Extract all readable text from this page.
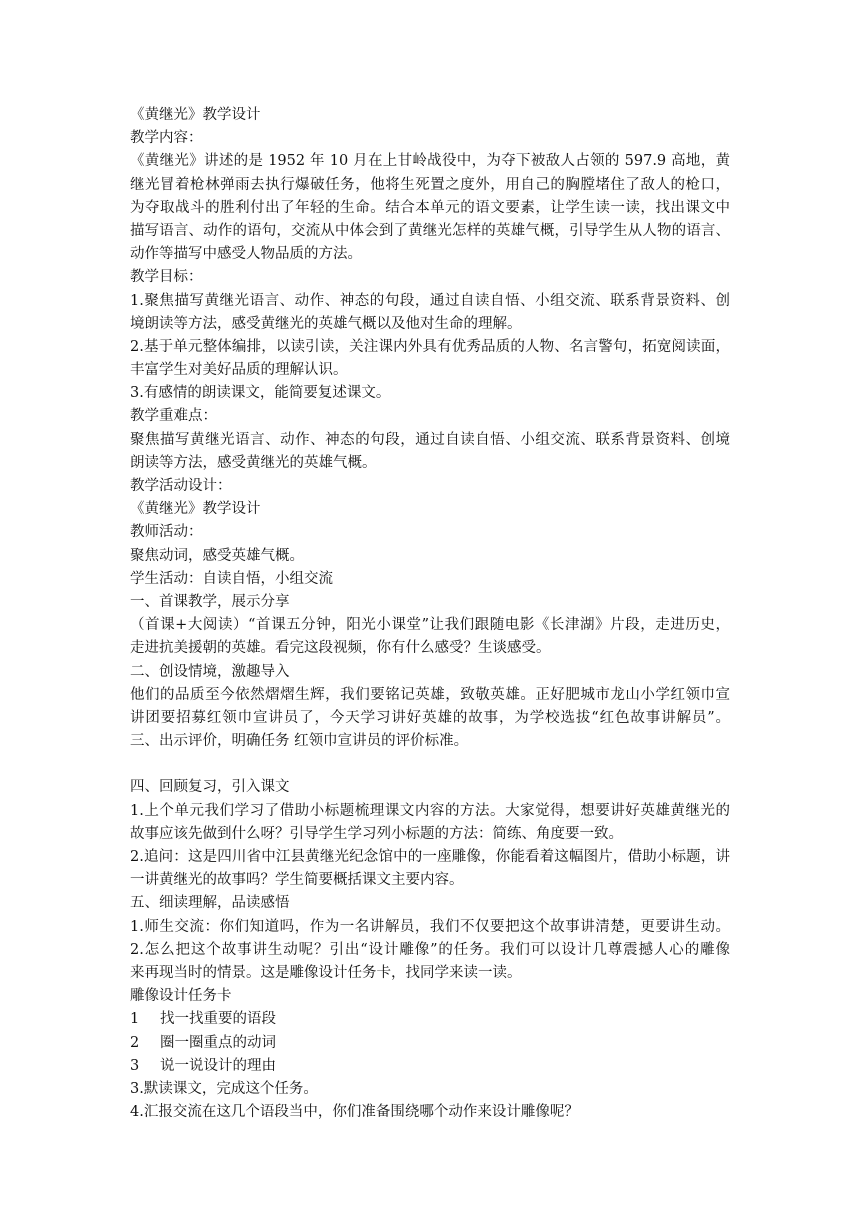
《黄继光》教学设计
教学内容：
《黄继光》讲述的是 1952 年 10 月在上甘岭战役中，为夺下被敌人占领的 597.9 高地，黄
继光冒着枪林弹雨去执行爆破任务，他将生死置之度外，用自己的胸膛堵住了敌人的枪口，
为夺取战斗的胜利付出了年轻的生命。结合本单元的语文要素，让学生读一读，找出课文中
描写语言、动作的语句，交流从中体会到了黄继光怎样的英雄气概，引导学生从人物的语言、
动作等描写中感受人物品质的方法。
教学目标：
1.聚焦描写黄继光语言、动作、神态的句段，通过自读自悟、小组交流、联系背景资料、创
境朗读等方法，感受黄继光的英雄气概以及他对生命的理解。
2.基于单元整体编排，以读引读，关注课内外具有优秀品质的人物、名言警句，拓宽阅读面，
丰富学生对美好品质的理解认识。
3.有感情的朗读课文，能简要复述课文。
教学重难点：
聚焦描写黄继光语言、动作、神态的句段，通过自读自悟、小组交流、联系背景资料、创境
朗读等方法，感受黄继光的英雄气概。
教学活动设计：
《黄继光》教学设计
教师活动：
聚焦动词，感受英雄气概。
学生活动：自读自悟，小组交流
一、首课教学，展示分享
（首课+大阅读）“首课五分钟，阳光小课堂”让我们跟随电影《长津湖》片段，走进历史，
走进抗美援朝的英雄。看完这段视频，你有什么感受？生谈感受。
二、创设情境，激趣导入
他们的品质至今依然熠熠生辉，我们要铭记英雄，致敬英雄。正好肥城市龙山小学红领巾宣
讲团要招募红领巾宣讲员了，今天学习讲好英雄的故事，为学校选拔“红色故事讲解员”。
三、出示评价，明确任务 红领巾宣讲员的评价标准。
四、回顾复习，引入课文
1.上个单元我们学习了借助小标题梳理课文内容的方法。大家觉得，想要讲好英雄黄继光的
故事应该先做到什么呀？引导学生学习列小标题的方法：简练、角度要一致。
2.追问：这是四川省中江县黄继光纪念馆中的一座雕像，你能看着这幅图片，借助小标题，讲
一讲黄继光的故事吗？学生简要概括课文主要内容。
五、细读理解，品读感悟
1.师生交流：你们知道吗，作为一名讲解员，我们不仅要把这个故事讲清楚，更要讲生动。
2.怎么把这个故事讲生动呢？引出“设计雕像”的任务。我们可以设计几尊震撼人心的雕像
来再现当时的情景。这是雕像设计任务卡，找同学来读一读。
雕像设计任务卡
1	找一找重要的语段
2	圈一圈重点的动词
3	说一说设计的理由
3.默读课文，完成这个任务。
4.汇报交流在这几个语段当中，你们准备围绕哪个动作来设计雕像呢？
